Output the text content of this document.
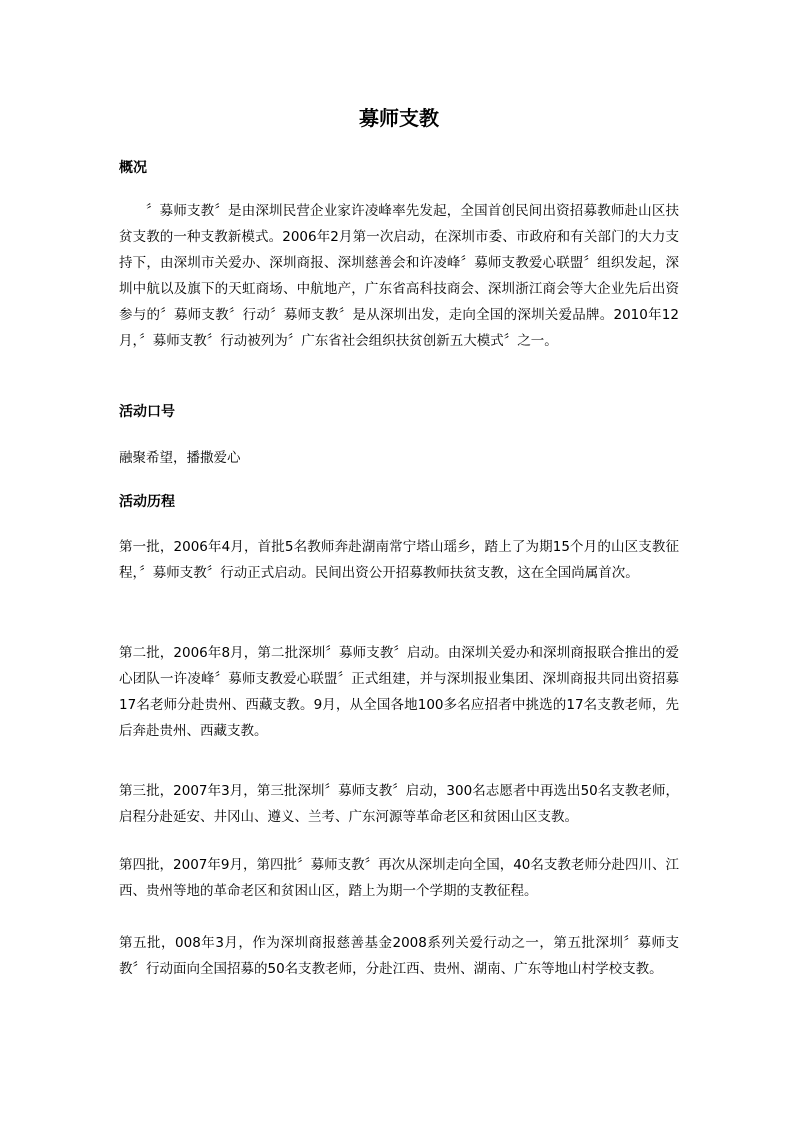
募师支教
概况

〞募师支教〞是由深圳民营企业家许凌峰率先发起，全国首创民间出资招募教师赴山区扶贫支教的一种支教新模式。2006年2月第一次启动，在深圳市委、市政府和有关部门的大力支持下，由深圳市关爱办、深圳商报、深圳慈善会和许凌峰〞募师支教爱心联盟〞组织发起，深圳中航以及旗下的天虹商场、中航地产，广东省高科技商会、深圳浙江商会等大企业先后出资参与的〞募师支教〞行动〞募师支教〞是从深圳出发，走向全国的深圳关爱品牌。2010年12月，〞募师支教〞行动被列为〞广东省社会组织扶贫创新五大模式〞之一。

活动口号

融聚希望，播撒爱心

活动历程

第一批，2006年4月，首批5名教师奔赴湖南常宁塔山瑶乡，踏上了为期15个月的山区支教征程，〞募师支教〞行动正式启动。民间出资公开招募教师扶贫支教，这在全国尚属首次。

第二批，2006年8月，第二批深圳〞募师支教〞启动。由深圳关爱办和深圳商报联合推出的爱心团队一许凌峰〞募师支教爱心联盟〞正式组建，并与深圳报业集团、深圳商报共同出资招募17名老师分赴贵州、西藏支教。9月，从全国各地100多名应招者中挑选的17名支教老师，先后奔赴贵州、西藏支教。

第三批，2007年3月，第三批深圳〞募师支教〞启动，300名志愿者中再选出50名支教老师，启程分赴延安、井冈山、遵义、兰考、广东河源等革命老区和贫困山区支教。

第四批，2007年9月，第四批〞募师支教〞再次从深圳走向全国，40名支教老师分赴四川、江西、贵州等地的革命老区和贫困山区，踏上为期一个学期的支教征程。

第五批，008年3月，作为深圳商报慈善基金2008系列关爱行动之一，第五批深圳〞募师支教〞行动面向全国招募的50名支教老师，分赴江西、贵州、湖南、广东等地山村学校支教。
